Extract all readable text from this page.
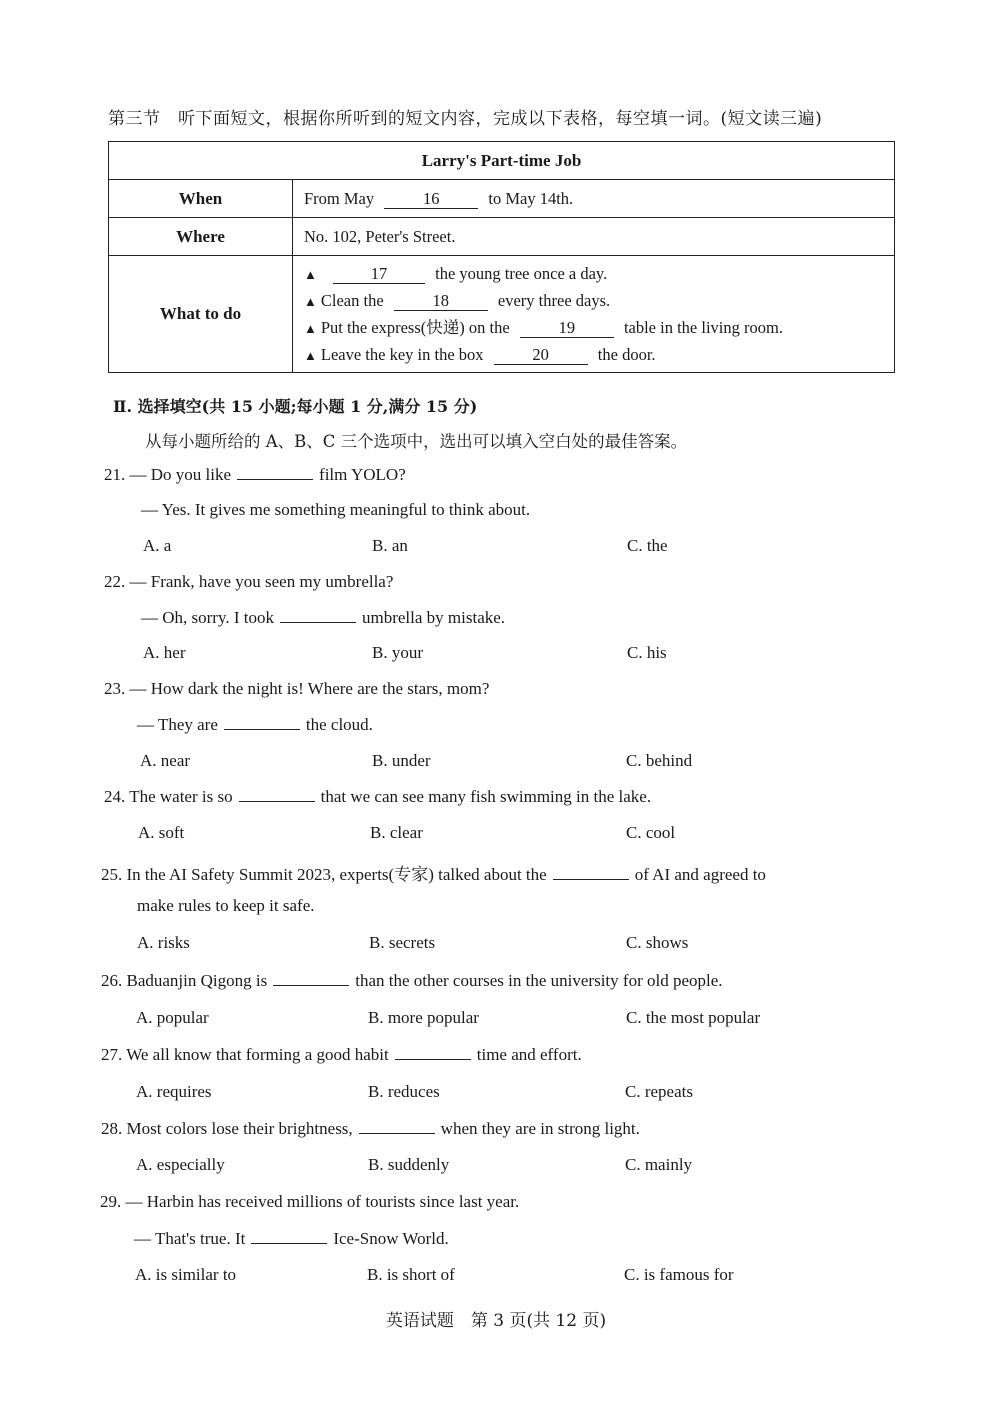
第三节　听下面短文，根据你所听到的短文内容，完成以下表格，每空填一词。(短文读三遍)
Larry's Part-time Job	
When	From May 16 to May 14th.
Where	No. 102, Peter's Street.
What to do	▲ 17 the young tree once a day.
▲ Clean the 18 every three days.
▲ Put the express(快递) on the 19 table in the living room.
▲ Leave the key in the box 20 the door.
Ⅱ. 选择填空(共 15 小题;每小题 1 分,满分 15 分)
从每小题所给的 A、B、C 三个选项中，选出可以填入空白处的最佳答案。
21. — Do you like	film YOLO?
— Yes. It gives me something meaningful to think about.
A. a	B. an	C. the
22. — Frank, have you seen my umbrella?
— Oh, sorry. I took	umbrella by mistake.
A. her	B. your	C. his
23. — How dark the night is! Where are the stars, mom?
— They are	the cloud.
A. near	B. under	C. behind
24. The water is so	that we can see many fish swimming in the lake.
A. soft	B. clear	C. cool
25. In the AI Safety Summit 2023, experts(专家) talked about the	of AI and agreed to
make rules to keep it safe.
A. risks	B. secrets	C. shows
26. Baduanjin Qigong is	than the other courses in the university for old people.
A. popular	B. more popular	C. the most popular
27. We all know that forming a good habit	time and effort.
A. requires	B. reduces	C. repeats
28. Most colors lose their brightness,	when they are in strong light.
A. especially	B. suddenly	C. mainly
29. — Harbin has received millions of tourists since last year.
— That's true. It	Ice-Snow World.
A. is similar to	B. is short of	C. is famous for
英语试题　第 3 页(共 12 页)
